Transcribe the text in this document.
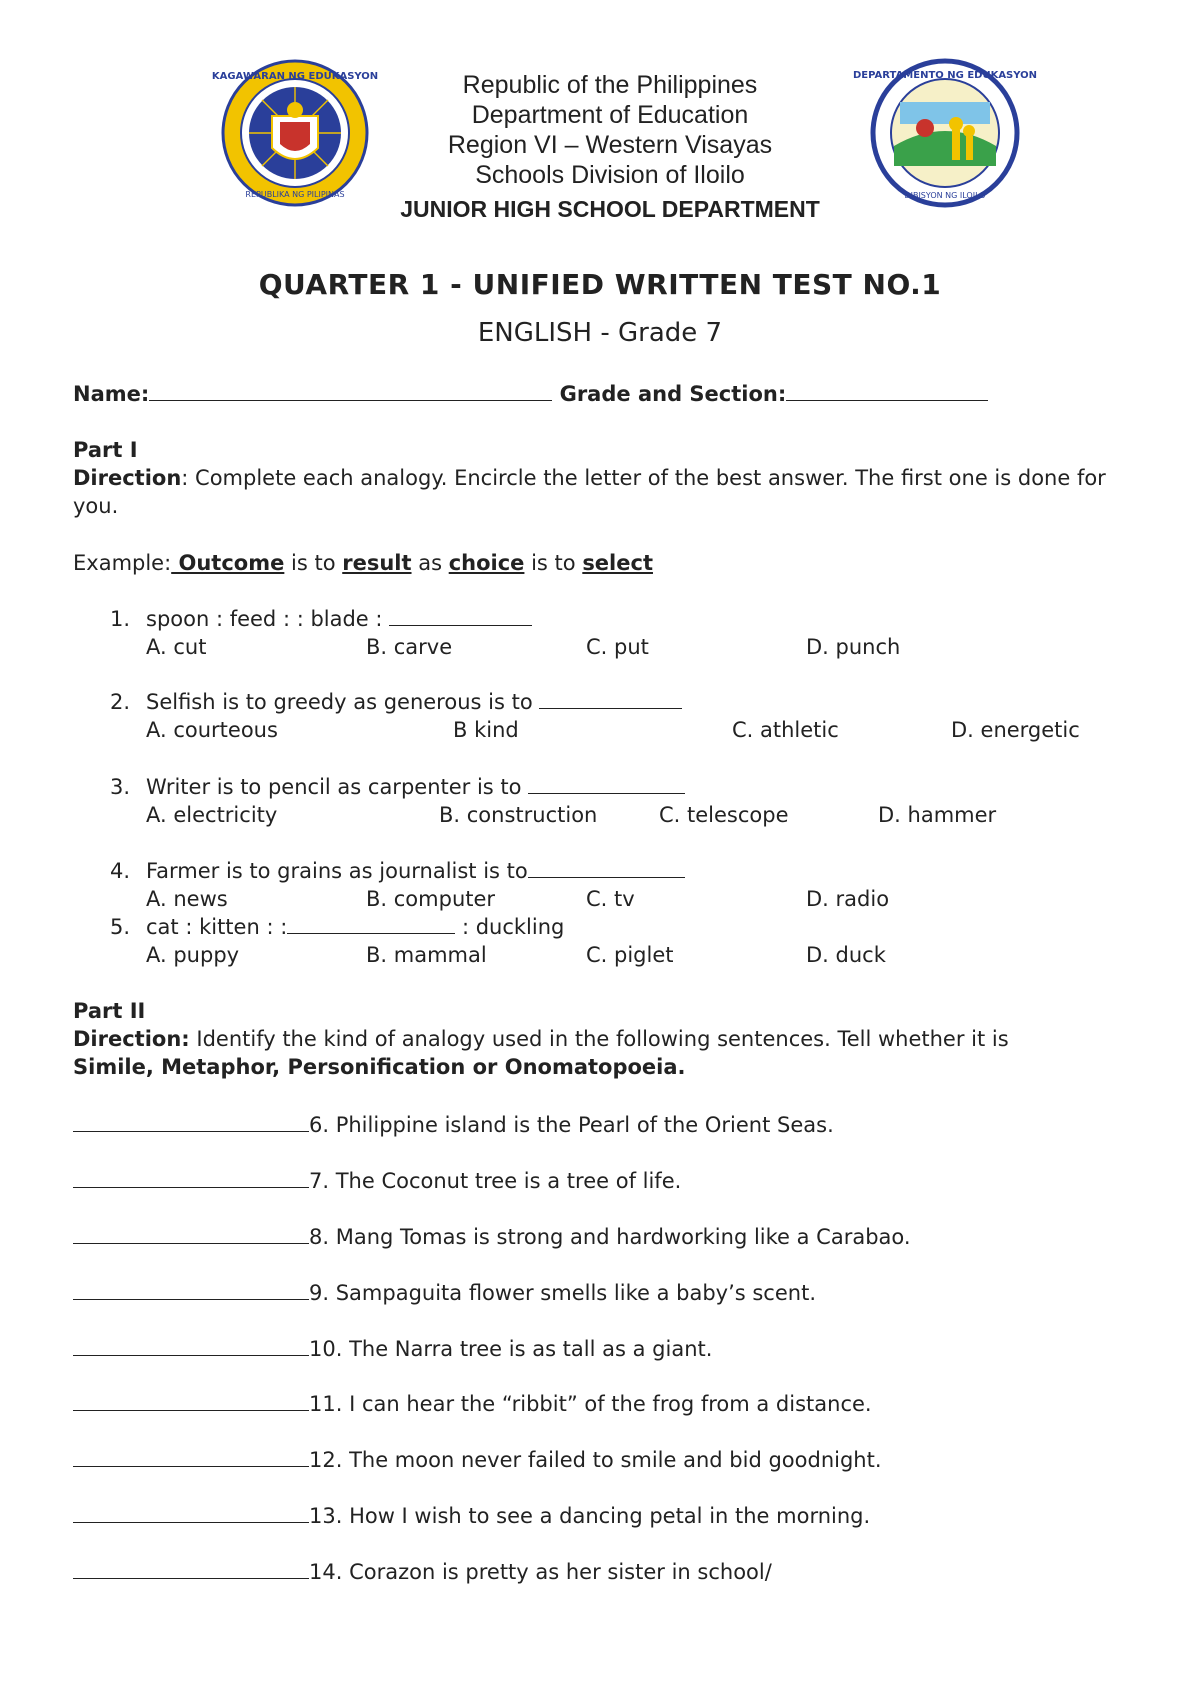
KAGAWARAN NG EDUKASYON
REPUBLIKA NG PILIPINAS
Republic of the Philippines
Department of Education
Region VI – Western Visayas
Schools Division of Iloilo
JUNIOR HIGH SCHOOL DEPARTMENT
DEPARTAMENTO NG EDUKASYON
DIBISYON NG ILOILO
QUARTER 1 - UNIFIED WRITTEN TEST NO.1
ENGLISH - Grade 7
Name:	Grade and Section:
Part I
Direction: Complete each analogy. Encircle the letter of the best answer. The first one is done for you.
Example: Outcome is to result as choice is to select
1. spoon : feed : : blade :
A. cut	B. carve	C. put	D. punch
2. Selfish is to greedy as generous is to
A. courteous	B kind	C. athletic	D. energetic
3. Writer is to pencil as carpenter is to
A. electricity	B. construction	C. telescope	D. hammer
4. Farmer is to grains as journalist is to
A. news	B. computer	C. tv	D. radio
5. cat : kitten : :	: duckling
A. puppy	B. mammal	C. piglet	D. duck
Part II
Direction: Identify the kind of analogy used in the following sentences. Tell whether it is
Simile, Metaphor, Personification or Onomatopoeia.
6. Philippine island is the Pearl of the Orient Seas.
7. The Coconut tree is a tree of life.
8. Mang Tomas is strong and hardworking like a Carabao.
9. Sampaguita flower smells like a baby’s scent.
10. The Narra tree is as tall as a giant.
11. I can hear the “ribbit” of the frog from a distance.
12. The moon never failed to smile and bid goodnight.
13. How I wish to see a dancing petal in the morning.
14. Corazon is pretty as her sister in school/
